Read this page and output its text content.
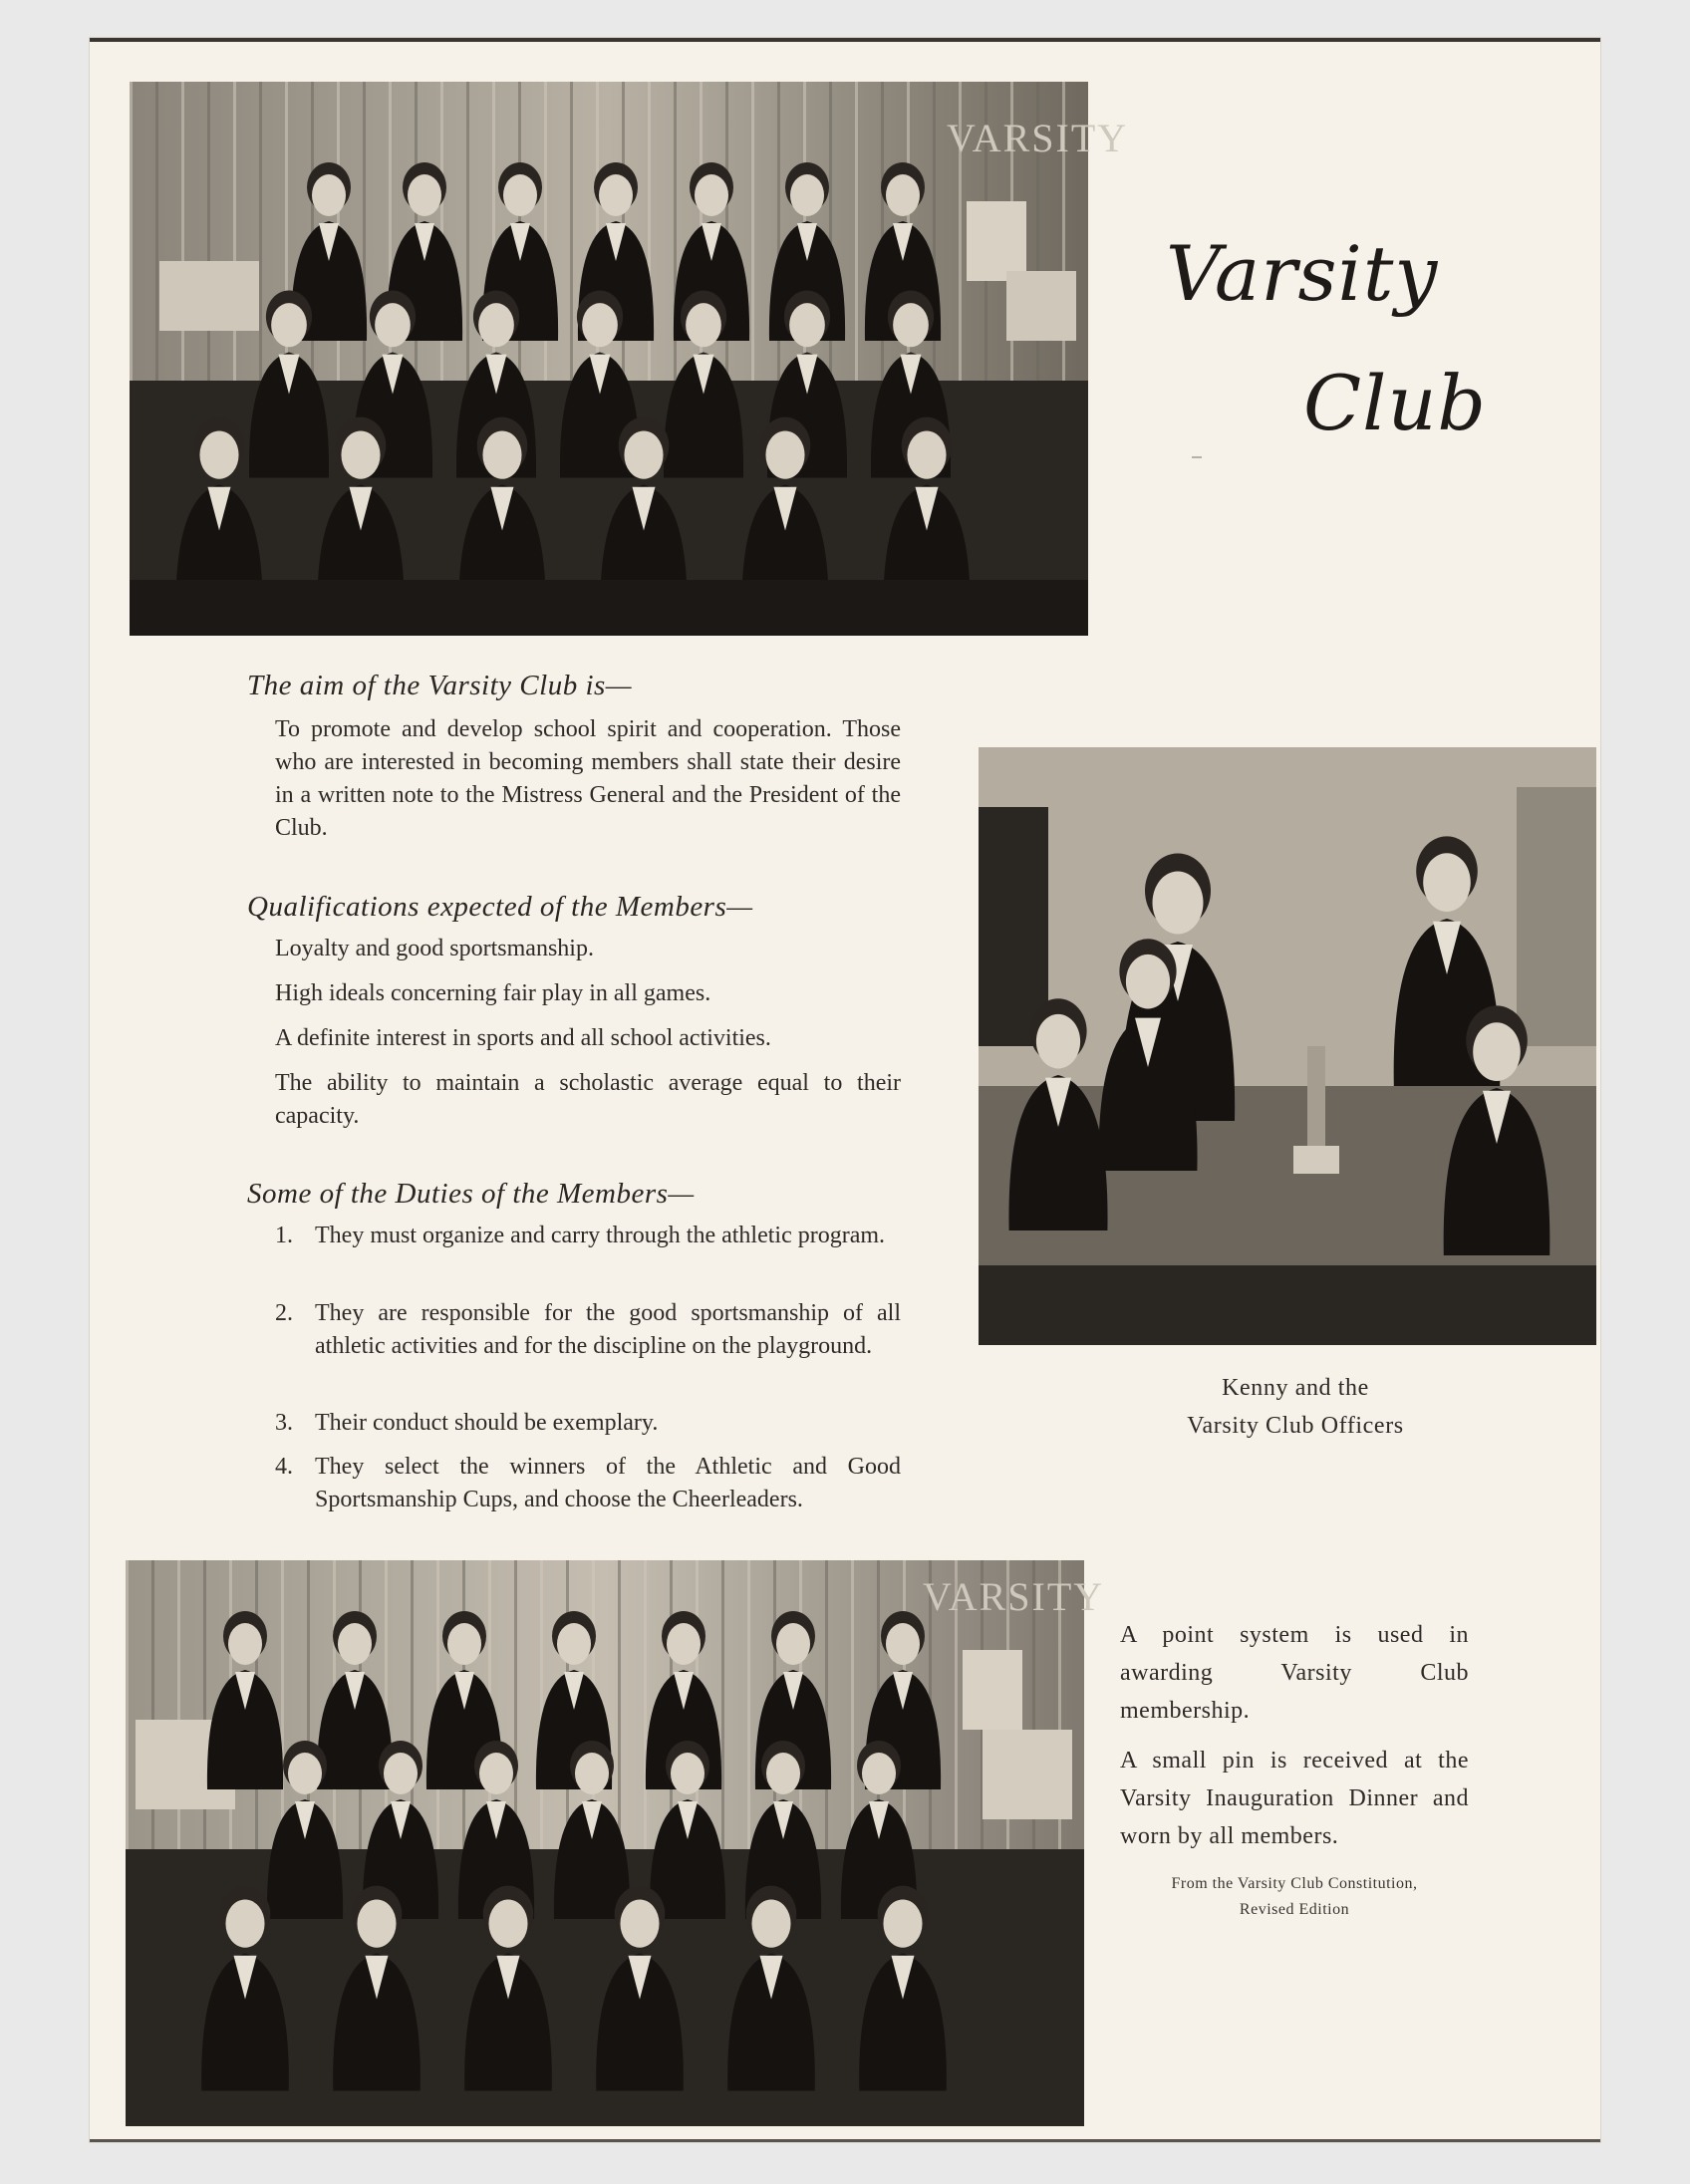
VARSITY
Varsity
Club
The aim of the Varsity Club is—
To promote and develop school spirit and cooperation. Those who are interested in becoming members shall state their desire in a written note to the Mistress General and the President of the Club.
Qualifications expected of the Members—
Loyalty and good sportsmanship.
High ideals concerning fair play in all games.
A definite interest in sports and all school activities.
The ability to maintain a scholastic average equal to their capacity.
Some of the Duties of the Members—
1. They must organize and carry through the athletic program.
2. They are responsible for the good sportsmanship of all athletic activities and for the discipline on the playground.
3. Their conduct should be exemplary.
4. They select the winners of the Athletic and Good Sportsmanship Cups, and choose the Cheerleaders.
Kenny and the
Varsity Club Officers
VARSITY
A point system is used in awarding Varsity Club membership.
A small pin is received at the Varsity Inauguration Dinner and worn by all members.
From the Varsity Club Constitution,
Revised Edition
